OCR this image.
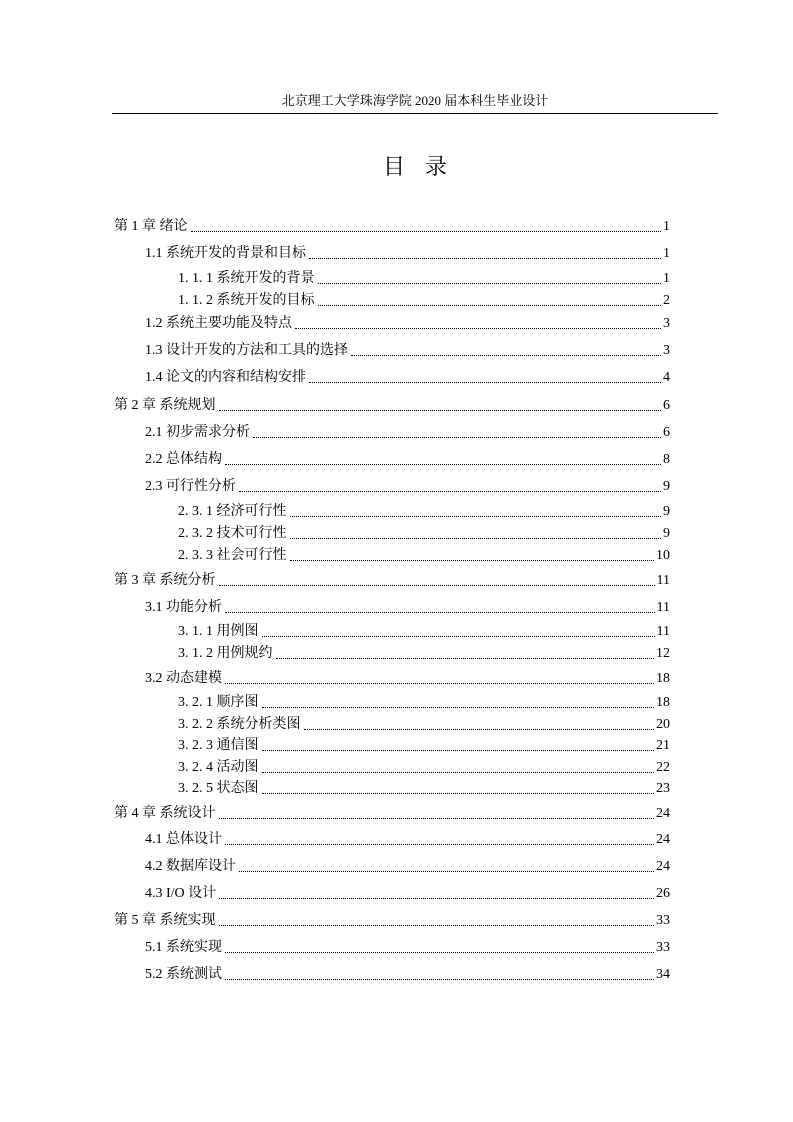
北京理工大学珠海学院 2020 届本科生毕业设计
目录
第 1 章 绪论	1
1.1 系统开发的背景和目标	1
1. 1. 1 系统开发的背景	1
1. 1. 2 系统开发的目标	2
1.2 系统主要功能及特点	3
1.3 设计开发的方法和工具的选择	3
1.4 论文的内容和结构安排	4
第 2 章 系统规划	6
2.1 初步需求分析	6
2.2 总体结构	8
2.3 可行性分析	9
2. 3. 1 经济可行性	9
2. 3. 2 技术可行性	9
2. 3. 3 社会可行性	10
第 3 章 系统分析	11
3.1 功能分析	11
3. 1. 1 用例图	11
3. 1. 2 用例规约	12
3.2 动态建模	18
3. 2. 1 顺序图	18
3. 2. 2 系统分析类图	20
3. 2. 3 通信图	21
3. 2. 4 活动图	22
3. 2. 5 状态图	23
第 4 章 系统设计	24
4.1 总体设计	24
4.2 数据库设计	24
4.3 I/O 设计	26
第 5 章 系统实现	33
5.1 系统实现	33
5.2 系统测试	34
